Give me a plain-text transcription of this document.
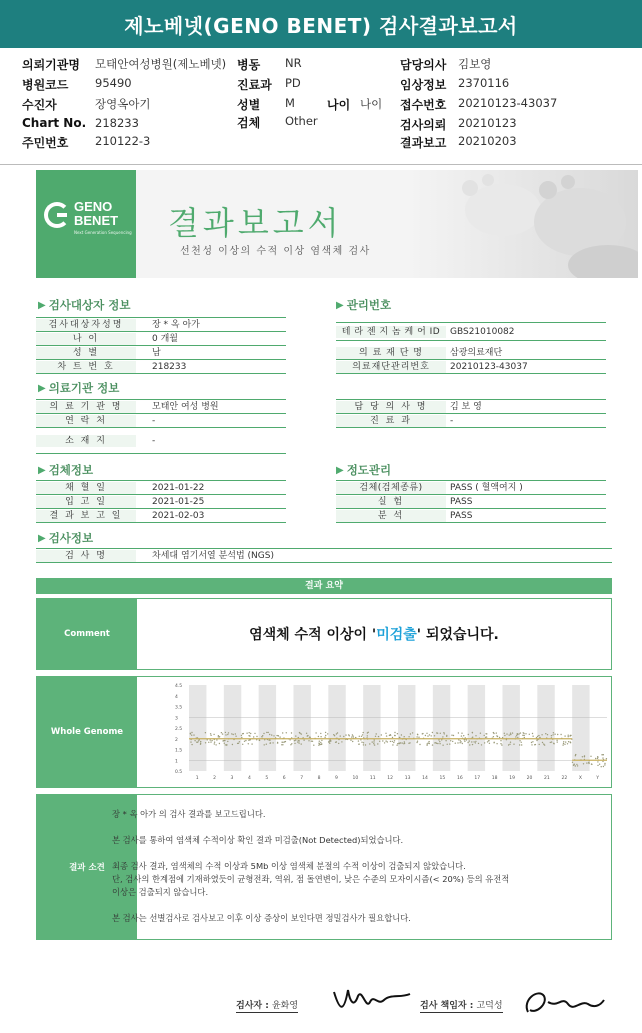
제노베넷(GENO BENET) 검사결과보고서
의뢰기관명 모태안여성병원(제노베넷)
병원코드 95490
수진자	장영옥아기
Chart No. 218233
주민번호 210122-3
병동 NR
진료과 PD
성별 M
검체 Other
나이 나이
담당의사 김보영
임상정보 2370116
접수번호 20210123-43037
검사의뢰 20210123
결과보고 20210203
GENO
BENET
Next Generation Sequencing 결과보고서
선천성 이상의 수적 이상 염색체 검사
▶ 검사대상자 정보
검사대상자성명	장 * 옥 아가
나 이	0 개월
성 별	남
차 트 번 호	218233
▶ 관리번호
테 라 젠 지 놈 케 어 ID	GBS21010082
의 료 재 단 명	삼광의료재단
의료재단관리번호	20210123-43037
▶ 의료기관 정보
의 료 기 관 명	모태안 여성 병원
연 락 처	-
소 재 지	-
담 당 의 사 명	김 보 영
진 료 과	-
▶ 검체정보
채 혈 일	2021-01-22
입 고 일	2021-01-25
결 과 보 고 일	2021-02-03
▶ 정도관리
검체(검체종류)	PASS ( 혈액여지 )
실 험	PASS
분 석	PASS
▶ 검사정보
검 사 명	차세대 염기서열 분석법 (NGS)
결과 요약
Comment	염색체 수적 이상이 ' 미검출 ' 되었습니다.
Whole Genome
4.5
4
3.5
3
2.5
2
1.5
1
0.5
1	2	3	4	5	6	7	8	9	10	11	12	13	14	15	16	17	18	19	20	21	22	X	Y
결과 소견
장 * 옥 아가 의 검사 결과를 보고드립니다.
본 검사를 통하여 염색체 수적이상 확인 결과 미검출(Not Detected)되었습니다.
최종 검사 결과, 염색체의 수적 이상과 5Mb 이상 염색체 분절의 수적 이상이 검출되지 않았습니다.
단, 검사의 한계점에 기재하였듯이 균형전좌, 역위, 점 돌연변이, 낮은 수준의 모자이시즘(< 20%) 등의 유전적
이상은 검출되지 않습니다.
본 검사는 선별검사로 검사보고 이후 이상 증상이 보인다면 정밀검사가 필요합니다.
검사자 : 윤화영	검사 책임자 : 고덕성
